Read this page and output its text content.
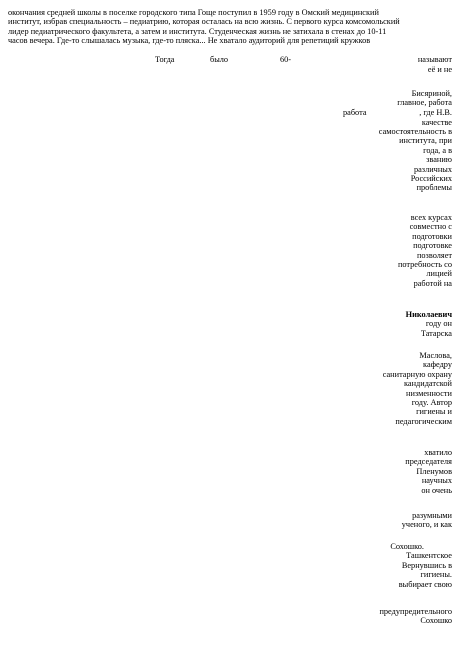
окончания средней школы в поселке городского типа Гоще поступил в 1959 году в Омский медицинский
институт, избрав специальность – педиатрию, которая осталась на всю жизнь. С первого курса комсомольский
лидер педиатрического факультета, а затем и института. Студенческая жизнь не затихала в стенах до 10-11
часов вечера. Где-то слышалась музыка, где-то пляска... Не хватало аудиторий для репетиций кружков
Тогда	было	60-	называют
её и не
Бисяриной,
главное, работа
работа	, где Н.В.
качестве
самостоятельность в
института, при
года, а в
званию
различных
Российских
проблемы
всех курсах
совместно с
подготовки
подготовке
позволяет
потребность со
лицией
работой на
Николаевич
году он
Татарска
Маслова,
кафедру
санитарную охрану
кандидатской
низменности
году. Автор
гигиены и
педагогическим
хватило
председателя
Пленумов
научных
он очень
разумными
ученого, и как
Сохошко.
Ташкентское
Вернувшись в
гигиены.
выбирает свою
предупредительного
Сохошко
